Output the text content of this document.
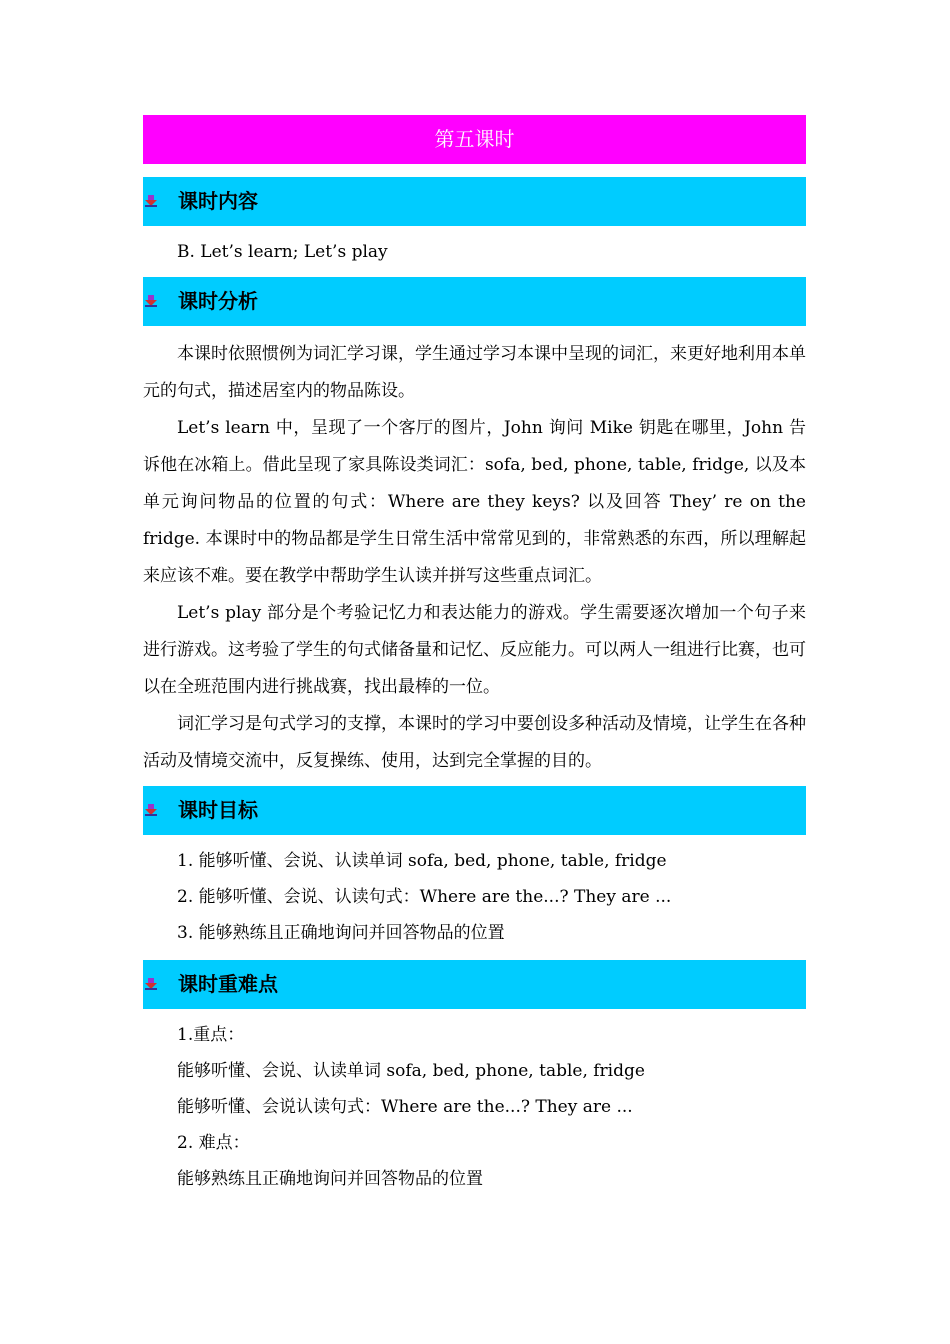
第五课时
课时内容

B. Let’s learn; Let’s play

课时分析

本课时依照惯例为词汇学习课，学生通过学习本课中呈现的词汇，来更好地利用本单元的句式，描述居室内的物品陈设。

Let’s learn 中，呈现了一个客厅的图片，John 询问 Mike 钥匙在哪里，John 告诉他在冰箱上。借此呈现了家具陈设类词汇：sofa, bed, phone, table, fridge, 以及本单元询问物品的位置的句式：Where are they keys? 以及回答 They’ re on the fridge. 本课时中的物品都是学生日常生活中常常见到的，非常熟悉的东西，所以理解起来应该不难。要在教学中帮助学生认读并拼写这些重点词汇。

Let’s play 部分是个考验记忆力和表达能力的游戏。学生需要逐次增加一个句子来进行游戏。这考验了学生的句式储备量和记忆、反应能力。可以两人一组进行比赛，也可以在全班范围内进行挑战赛，找出最棒的一位。

词汇学习是句式学习的支撑，本课时的学习中要创设多种活动及情境，让学生在各种活动及情境交流中，反复操练、使用，达到完全掌握的目的。

课时目标

1. 能够听懂、会说、认读单词 sofa, bed, phone, table, fridge

2. 能够听懂、会说、认读句式：Where are the...? They are ...

3. 能够熟练且正确地询问并回答物品的位置

课时重难点

1.重点：

能够听懂、会说、认读单词 sofa, bed, phone, table, fridge

能够听懂、会说认读句式：Where are the...? They are ...

2. 难点：

能够熟练且正确地询问并回答物品的位置
